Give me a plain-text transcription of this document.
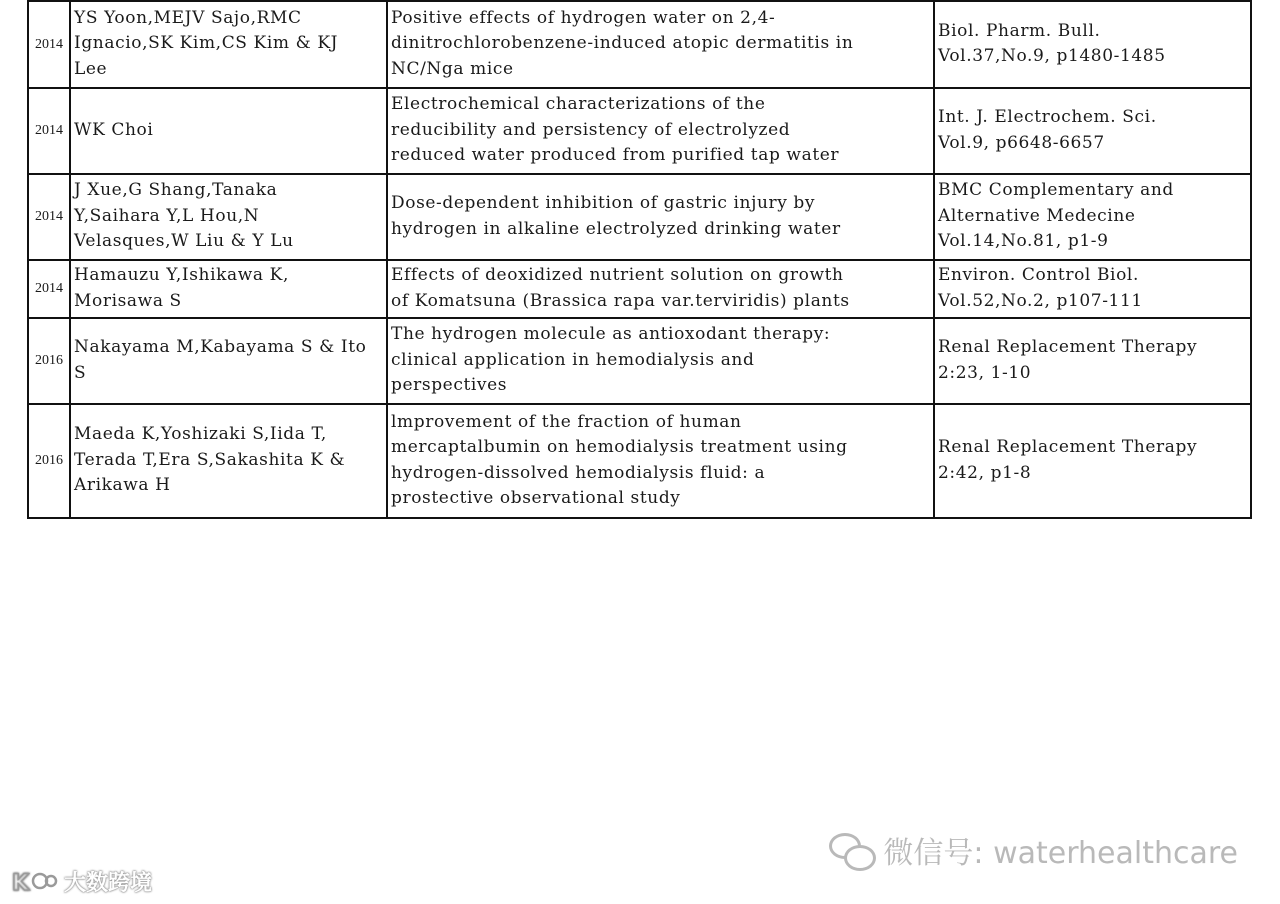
2014	YS Yoon,MEJV Sajo,RMC
Ignacio,SK Kim,CS Kim & KJ
Lee	Positive effects of hydrogen water on 2,4-
dinitrochlorobenzene-induced atopic dermatitis in
NC/Nga mice	Biol. Pharm. Bull.
Vol.37,No.9, p1480-1485
2014	WK Choi	Electrochemical characterizations of the
reducibility and persistency of electrolyzed
reduced water produced from purified tap water	Int. J. Electrochem. Sci.
Vol.9, p6648-6657
2014	J Xue,G Shang,Tanaka
Y,Saihara Y,L Hou,N
Velasques,W Liu & Y Lu	Dose-dependent inhibition of gastric injury by
hydrogen in alkaline electrolyzed drinking water	BMC Complementary and
Alternative Medecine
Vol.14,No.81, p1-9
2014	Hamauzu Y,Ishikawa K,
Morisawa S	Effects of deoxidized nutrient solution on growth
of Komatsuna (Brassica rapa var.terviridis) plants	Environ. Control Biol.
Vol.52,No.2, p107-111
2016	Nakayama M,Kabayama S & Ito
S	The hydrogen molecule as antioxodant therapy:
clinical application in hemodialysis and
perspectives	Renal Replacement Therapy
2:23, 1-10
2016	Maeda K,Yoshizaki S,Iida T,
Terada T,Era S,Sakashita K &
Arikawa H	lmprovement of the fraction of human
mercaptalbumin on hemodialysis treatment using
hydrogen-dissolved hemodialysis fluid: a
prostective observational study	Renal Replacement Therapy
2:42, p1-8
微信号: waterhealthcare
K 大数跨境
